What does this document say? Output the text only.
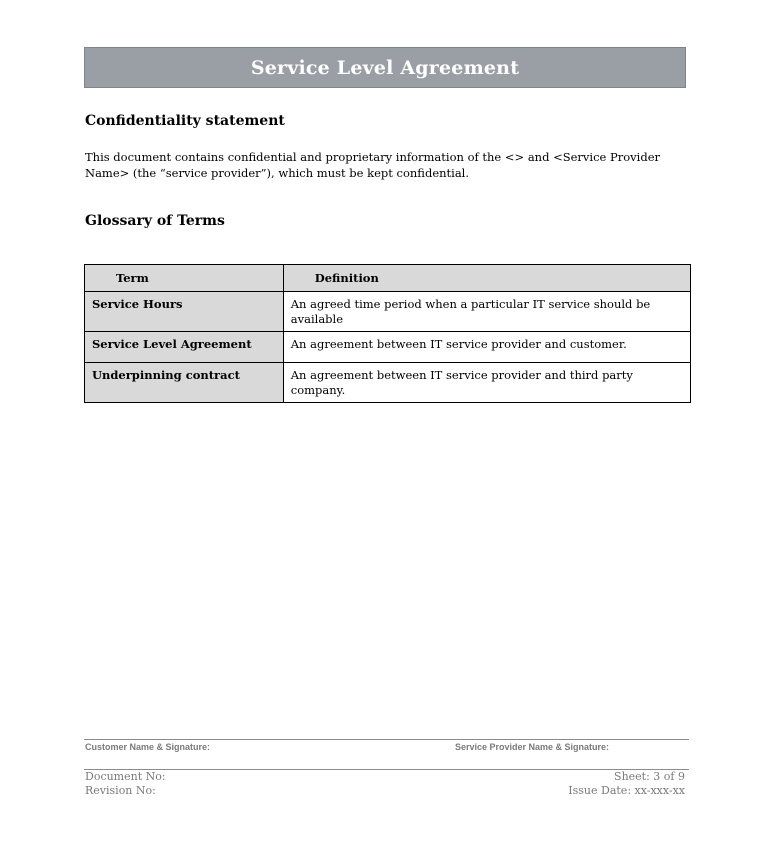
Service Level Agreement
Confidentiality statement
This document contains confidential and proprietary information of the <> and <Service Provider Name> (the “service provider”), which must be kept confidential.
Glossary of Terms
Term	Definition
Service Hours	An agreed time period when a particular IT service should be available
Service Level Agreement	An agreement between IT service provider and customer.
Underpinning contract	An agreement between IT service provider and third party company.
Customer Name & Signature:	Service Provider Name & Signature:
Document No:
Revision No:
Sheet: 3 of 9
Issue Date: xx-xxx-xx
